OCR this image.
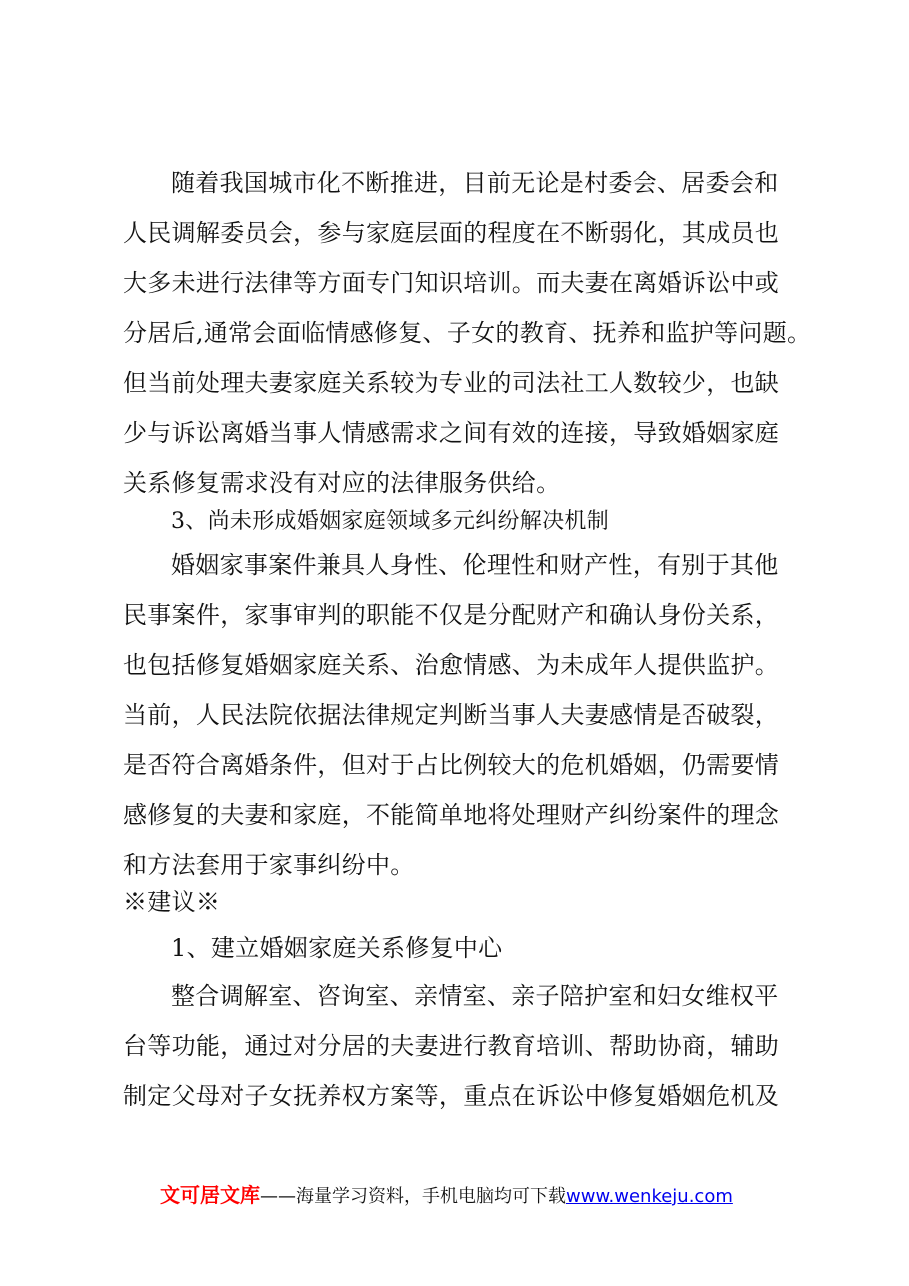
随着我国城市化不断推进，目前无论是村委会、居委会和
人民调解委员会，参与家庭层面的程度在不断弱化，其成员也
大多未进行法律等方面专门知识培训。而夫妻在离婚诉讼中或
分居后,通常会面临情感修复、子女的教育、抚养和监护等问题。
但当前处理夫妻家庭关系较为专业的司法社工人数较少，也缺
少与诉讼离婚当事人情感需求之间有效的连接，导致婚姻家庭
关系修复需求没有对应的法律服务供给。
3、尚未形成婚姻家庭领域多元纠纷解决机制
婚姻家事案件兼具人身性、伦理性和财产性，有别于其他
民事案件，家事审判的职能不仅是分配财产和确认身份关系，
也包括修复婚姻家庭关系、治愈情感、为未成年人提供监护。
当前，人民法院依据法律规定判断当事人夫妻感情是否破裂，
是否符合离婚条件，但对于占比例较大的危机婚姻，仍需要情
感修复的夫妻和家庭，不能简单地将处理财产纠纷案件的理念
和方法套用于家事纠纷中。
※建议※
1、建立婚姻家庭关系修复中心
整合调解室、咨询室、亲情室、亲子陪护室和妇女维权平
台等功能，通过对分居的夫妻进行教育培训、帮助协商，辅助
制定父母对子女抚养权方案等，重点在诉讼中修复婚姻危机及
文可居文库——海量学习资料，手机电脑均可下载www.wenkeju.com
